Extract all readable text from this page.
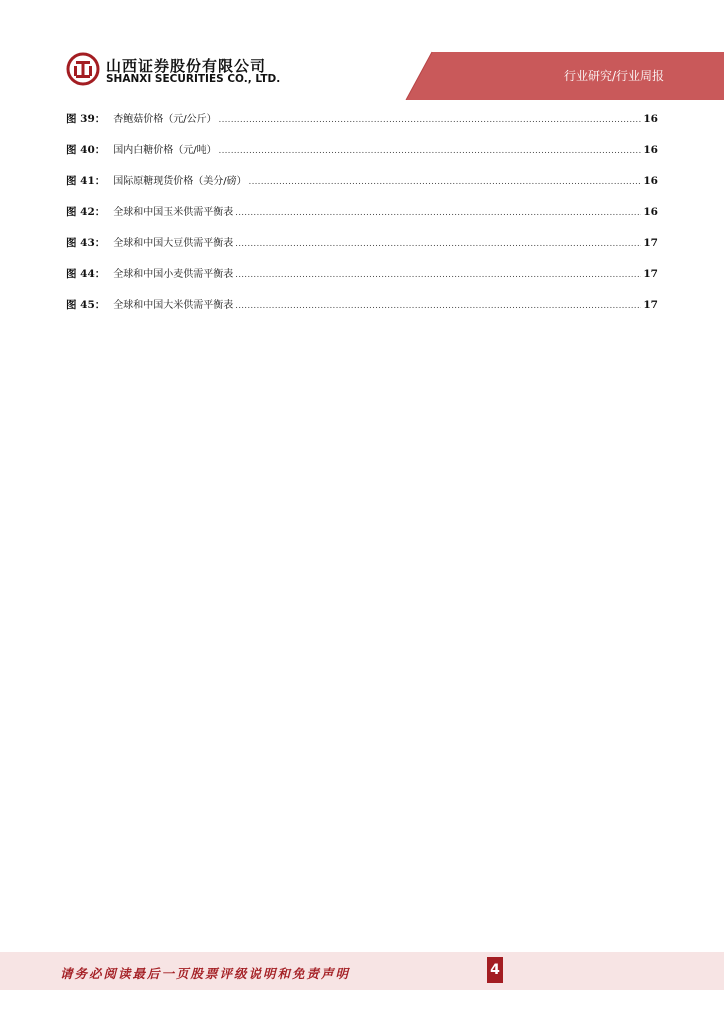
山西证券股份有限公司
SHANXI SECURITIES CO., LTD.	行业研究/行业周报
图 39： 杏鲍菇价格（元/公斤） .....	16
图 40： 国内白糖价格（元/吨） .....	16
图 41： 国际原糖现货价格（美分/磅） .....	16
图 42： 全球和中国玉米供需平衡表 .....	16
图 43： 全球和中国大豆供需平衡表 .....	17
图 44： 全球和中国小麦供需平衡表 .....	17
图 45： 全球和中国大米供需平衡表 .....	17
请务必阅读最后一页股票评级说明和免责声明	4
